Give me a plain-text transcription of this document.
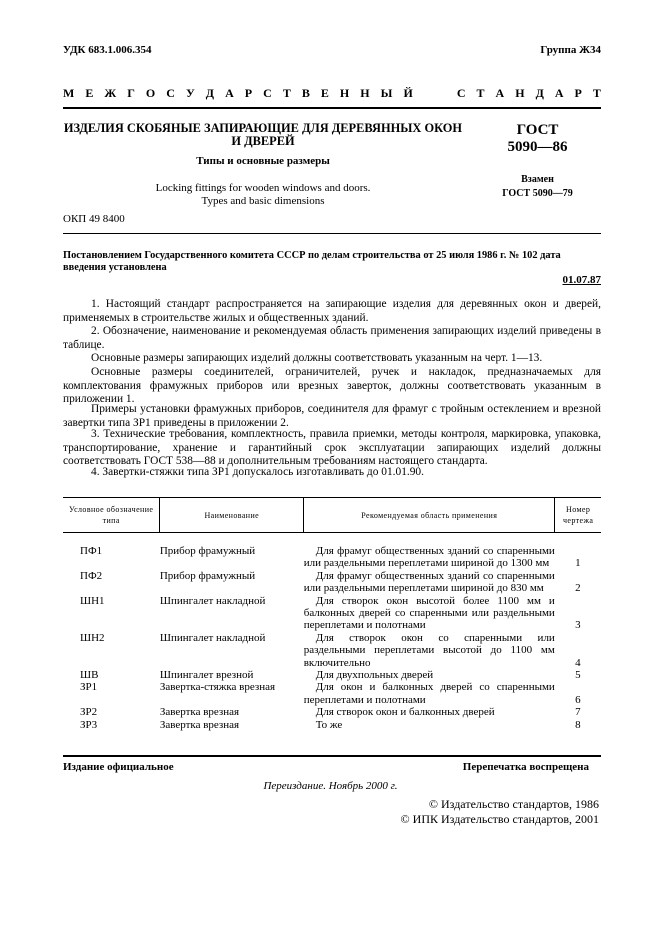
УДК 683.1.006.354	Группа Ж34
М Е Ж Г О С У Д А Р С Т В Е Н Н Ы Й	С Т А Н Д А Р Т
ИЗДЕЛИЯ СКОБЯНЫЕ ЗАПИРАЮЩИЕ ДЛЯ ДЕРЕВЯННЫХ ОКОН
И ДВЕРЕЙ
Типы и основные размеры
Locking fittings for wooden windows and doors.
Types and basic dimensions
ГОСТ
5090—86
Взамен
ГОСТ 5090—79
ОКП 49 8400
Постановлением Государственного комитета СССР по делам строительства от 25 июля 1986 г. № 102 дата введения установлена
01.07.87
1. Настоящий стандарт распространяется на запирающие изделия для деревянных окон и дверей, применяемых в строительстве жилых и общественных зданий.
2. Обозначение, наименование и рекомендуемая область применения запирающих изделий приведены в таблице.
Основные размеры запирающих изделий должны соответствовать указанным на черт. 1—13.
Основные размеры соединителей, ограничителей, ручек и накладок, предназначаемых для комплектования фрамужных приборов или врезных заверток, должны соответствовать указанным в приложении 1.
Примеры установки фрамужных приборов, соединителя для фрамуг с тройным остеклением и врезной завертки типа ЗР1 приведены в приложении 2.
3. Технические требования, комплектность, правила приемки, методы контроля, маркировка, упаковка, транспортирование, хранение и гарантийный срок эксплуатации запирающих изделий должны соответствовать ГОСТ 538—88 и дополнительным требованиям настоящего стандарта.
4. Завертки-стяжки типа ЗР1 допускалось изготавливать до 01.01.90.
Условное обозначение типа	Наименование	Рекомендуемая область применения	Номер чертежа

ПФ1	Прибор фрамужный	Для фрамуг общественных зданий со спаренными или раздельными переплетами шириной до 1300 мм	1
ПФ2	Прибор фрамужный	Для фрамуг общественных зданий со спаренными или раздельными переплетами шириной до 830 мм	2
ШН1	Шпингалет накладной	Для створок окон высотой более 1100 мм и балконных дверей со спаренными или раздельными переплетами и полотнами	3
ШН2	Шпингалет накладной	Для створок окон со спаренными или раздельными переплетами высотой до 1100 мм включительно	4
ШВ	Шпингалет врезной	Для двухпольных дверей	5
ЗР1	Завертка-стяжка врезная	Для окон и балконных дверей со спаренными переплетами и полотнами	6
ЗР2	Завертка врезная	Для створок окон и балконных дверей	7
ЗР3	Завертка врезная	То же	8
Издание официальное	Перепечатка воспрещена
Переиздание. Ноябрь 2000 г.
© Издательство стандартов, 1986
© ИПК Издательство стандартов, 2001
